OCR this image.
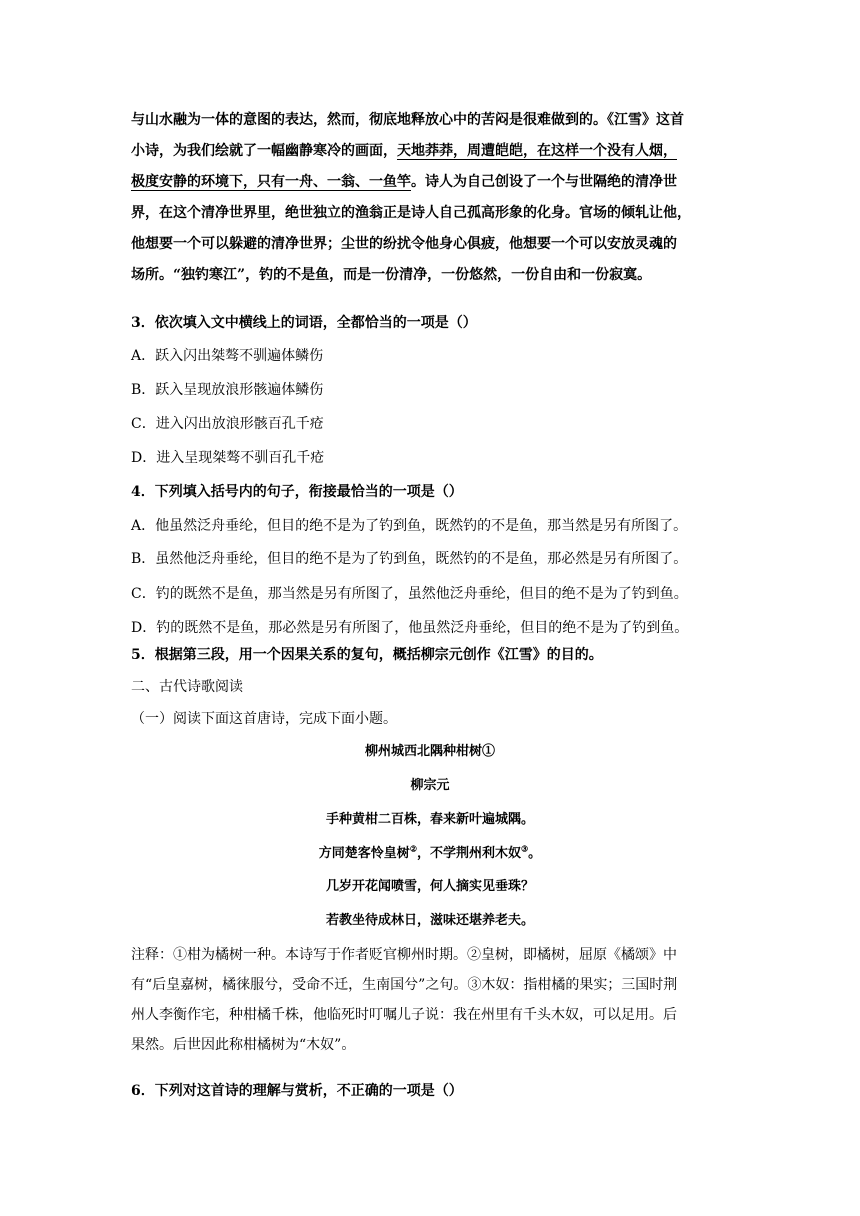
与山水融为一体的意图的表达，然而，彻底地释放心中的苦闷是很难做到的。《江雪》这首

小诗，为我们绘就了一幅幽静寒冷的画面，天地莽莽，周遭皑皑，在这样一个没有人烟，

极度安静的环境下，只有一舟、一翁、一鱼竿。诗人为自己创设了一个与世隔绝的清净世

界，在这个清净世界里，绝世独立的渔翁正是诗人自己孤高形象的化身。官场的倾轧让他，

他想要一个可以躲避的清净世界；尘世的纷扰令他身心俱疲，他想要一个可以安放灵魂的

场所。“独钓寒江”，钓的不是鱼，而是一份清净，一份悠然，一份自由和一份寂寞。

3．依次填入文中横线上的词语，全都恰当的一项是（）

A．跃入闪出桀骜不驯遍体鳞伤

B．跃入呈现放浪形骸遍体鳞伤

C．进入闪出放浪形骸百孔千疮

D．进入呈现桀骜不驯百孔千疮

4．下列填入括号内的句子，衔接最恰当的一项是（）

A．他虽然泛舟垂纶，但目的绝不是为了钓到鱼，既然钓的不是鱼，那当然是另有所图了。

B．虽然他泛舟垂纶，但目的绝不是为了钓到鱼，既然钓的不是鱼，那必然是另有所图了。

C．钓的既然不是鱼，那当然是另有所图了，虽然他泛舟垂纶，但目的绝不是为了钓到鱼。

D．钓的既然不是鱼，那必然是另有所图了，他虽然泛舟垂纶，但目的绝不是为了钓到鱼。

5．根据第三段，用一个因果关系的复句，概括柳宗元创作《江雪》的目的。

二、古代诗歌阅读

（一）阅读下面这首唐诗，完成下面小题。

柳州城西北隅种柑树①

柳宗元

手种黄柑二百株，春来新叶遍城隅。

方同楚客怜皇树②，不学荆州利木奴③。

几岁开花闻喷雪，何人摘实见垂珠？

若教坐待成林日，滋味还堪养老夫。

注释：①柑为橘树一种。本诗写于作者贬官柳州时期。②皇树，即橘树，屈原《橘颂》中

有“后皇嘉树，橘徕服兮，受命不迁，生南国兮”之句。③木奴：指柑橘的果实；三国时荆

州人李衡作宅，种柑橘千株，他临死时叮嘱儿子说：我在州里有千头木奴，可以足用。后

果然。后世因此称柑橘树为“木奴”。

6．下列对这首诗的理解与赏析，不正确的一项是（）
